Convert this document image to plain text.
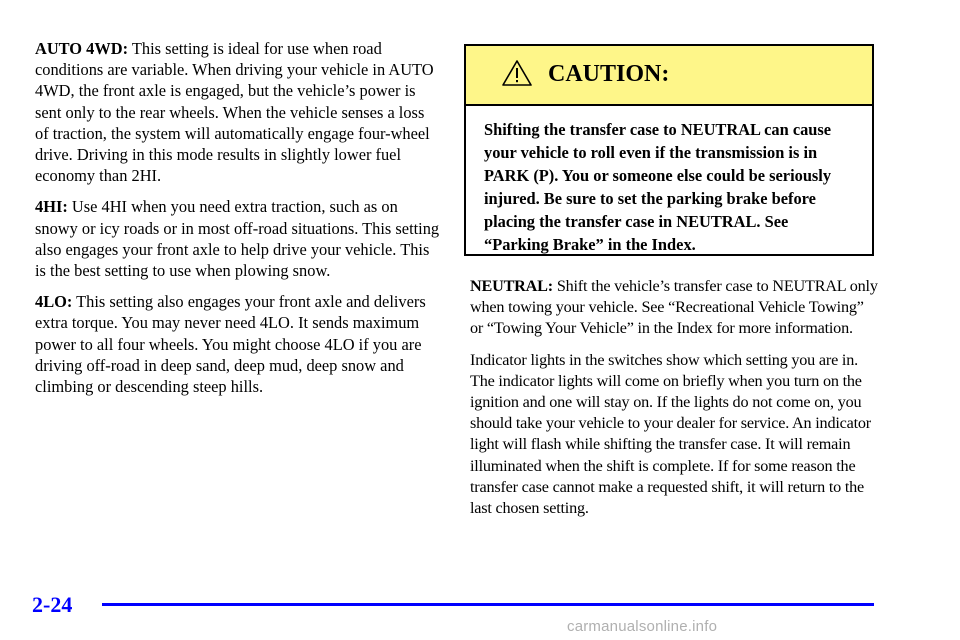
AUTO 4WD: This setting is ideal for use when road conditions are variable. When driving your vehicle in AUTO 4WD, the front axle is engaged, but the vehicle’s power is sent only to the rear wheels. When the vehicle senses a loss of traction, the system will automatically engage four-wheel drive. Driving in this mode results in slightly lower fuel economy than 2HI.

4HI: Use 4HI when you need extra traction, such as on snowy or icy roads or in most off-road situations. This setting also engages your front axle to help drive your vehicle. This is the best setting to use when plowing snow.

4LO: This setting also engages your front axle and delivers extra torque. You may never need 4LO. It sends maximum power to all four wheels. You might choose 4LO if you are driving off-road in deep sand, deep mud, deep snow and climbing or descending steep hills.

CAUTION:
Shifting the transfer case to NEUTRAL can cause your vehicle to roll even if the transmission is in PARK (P). You or someone else could be seriously injured. Be sure to set the parking brake before placing the transfer case in NEUTRAL. See “Parking Brake” in the Index.

NEUTRAL: Shift the vehicle’s transfer case to NEUTRAL only when towing your vehicle. See “Recreational Vehicle Towing” or “Towing Your Vehicle” in the Index for more information.

Indicator lights in the switches show which setting you are in. The indicator lights will come on briefly when you turn on the ignition and one will stay on. If the lights do not come on, you should take your vehicle to your dealer for service. An indicator light will flash while shifting the transfer case. It will remain illuminated when the shift is complete. If for some reason the transfer case cannot make a requested shift, it will return to the last chosen setting.

2-24
carmanualsonline.info
